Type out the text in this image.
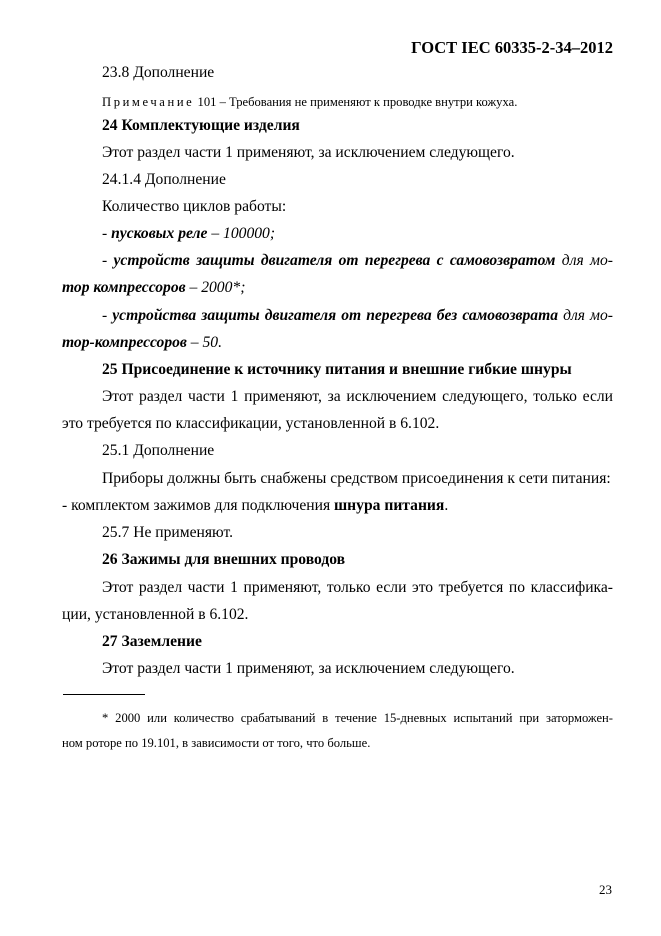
ГОСТ IEC 60335-2-34–2012
23.8 Дополнение
Примечание 101 – Требования не применяют к проводке внутри кожуха.
24 Комплектующие изделия
Этот раздел части 1 применяют, за исключением следующего.
24.1.4 Дополнение
Количество циклов работы:
- пусковых реле – 100000;
- устройств защиты двигателя от перегрева с самовозвратом для мо-
тор компрессоров – 2000*;
- устройства защиты двигателя от перегрева без самовозврата для мо-
тор-компрессоров – 50.
25 Присоединение к источнику питания и внешние гибкие шнуры
Этот раздел части 1 применяют, за исключением следующего, только если
это требуется по классификации, установленной в 6.102.
25.1 Дополнение
Приборы должны быть снабжены средством присоединения к сети питания:
- комплектом зажимов для подключения шнура питания.
25.7 Не применяют.
26 Зажимы для внешних проводов
Этот раздел части 1 применяют, только если это требуется по классифика-
ции, установленной в 6.102.
27 Заземление
Этот раздел части 1 применяют, за исключением следующего.
* 2000 или количество срабатываний в течение 15-дневных испытаний при заторможен-
ном роторе по 19.101, в зависимости от того, что больше.
23
